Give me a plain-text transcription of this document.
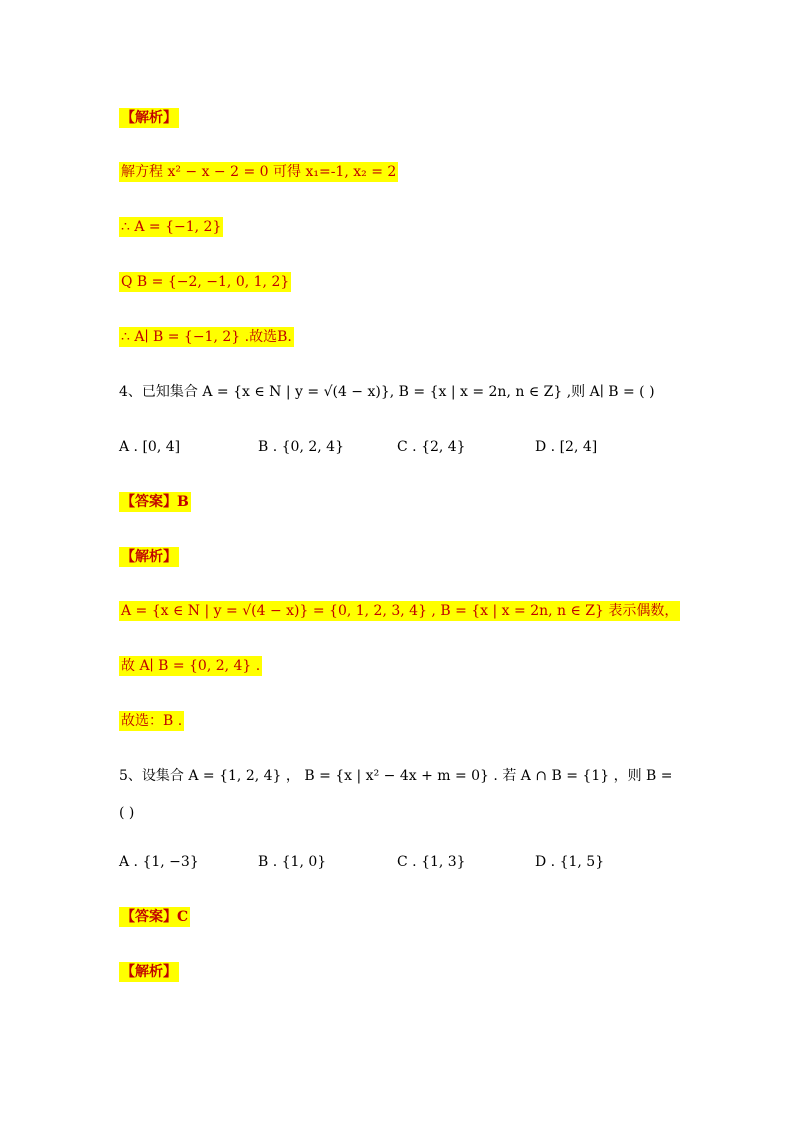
【解析】
解方程 x² − x − 2 = 0 可得 x₁=-1, x₂ = 2
∴ A = {−1, 2}
Q B = {−2, −1, 0, 1, 2}
∴ A∣ B = {−1, 2} .故选B.
4、已知集合 A = {x ∈ N | y = √(4 − x)}, B = {x | x = 2n, n ∈ Z} ,则 A∣ B = ( )
A . [0, 4]	B . {0, 2, 4}	C . {2, 4}	D . [2, 4]
【答案】B
【解析】
A = {x ∈ N | y = √(4 − x)} = {0, 1, 2, 3, 4} , B = {x | x = 2n, n ∈ Z} 表示偶数，
故 A∣ B = {0, 2, 4} .
故选：B .
5、设集合 A = {1, 2, 4} ， B = {x | x² − 4x + m = 0} . 若 A ∩ B = {1} ，则 B =
( )
A . {1, −3}	B . {1, 0}	C . {1, 3}	D . {1, 5}
【答案】C
【解析】
